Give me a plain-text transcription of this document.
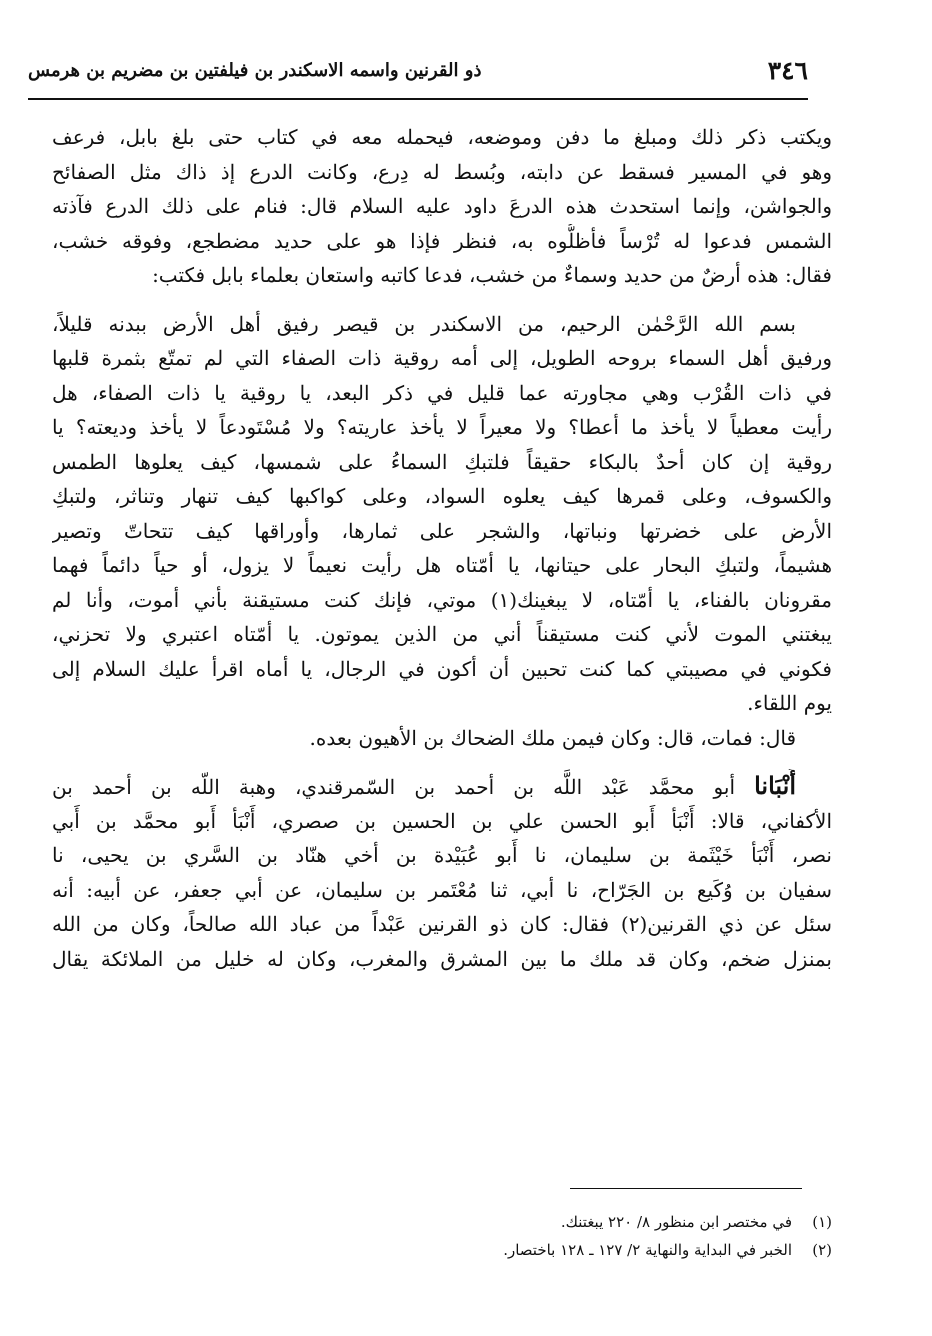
٣٤٦
ذو القرنين واسمه الاسكندر بن فيلفتين بن مضريم بن هرمس
ويكتب ذكر ذلك ومبلغ ما دفن وموضعه، فيحمله معه في كتاب حتى بلغ بابل، فرعف
وهو في المسير فسقط عن دابته، وبُسط له دِرع، وكانت الدرع إذ ذاك مثل الصفائح
والجواشن، وإنما استحدث هذه الدرعَ داود عليه السلام قال: فنام على ذلك الدرع فآذته
الشمس فدعوا له تُرْساً فأظلُّوه به، فنظر فإذا هو على حديد مضطجع، وفوقه خشب،
فقال: هذه أرضٌ من حديد وسماءٌ من خشب، فدعا كاتبه واستعان بعلماء بابل فكتب:
بسم الله الرَّحْمٰن الرحيم، من الاسكندر بن قيصر رفيق أهل الأرض ببدنه قليلاً،
ورفيق أهل السماء بروحه الطويل، إلى أمه روقية ذات الصفاء التي لم تمتّع بثمرة قلبها
في ذات القُرْب وهي مجاورته عما قليل في ذكر البعد، يا روقية يا ذات الصفاء، هل
رأيت معطياً لا يأخذ ما أعطا؟ ولا معيراً لا يأخذ عاريته؟ ولا مُسْتَودعاً لا يأخذ وديعته؟ يا
روقية إن كان أحدٌ بالبكاء حقيقاً فلتبكِ السماءُ على شمسها، كيف يعلوها الطمس
والكسوف، وعلى قمرها كيف يعلوه السواد، وعلى كواكبها كيف تنهار وتناثر، ولتبكِ
الأرض على خضرتها ونباتها، والشجر على ثمارها، وأوراقها كيف تتحاتّ وتصير
هشيماً، ولتبكِ البحار على حيتانها، يا أمّتاه هل رأيت نعيماً لا يزول، أو حياً دائماً فهما
مقرونان بالفناء، يا أمّتاه، لا يبغينك(١) موتي، فإنك كنت مستيقنة بأني أموت، وأنا لم
يبغتني الموت لأني كنت مستيقناً أني من الذين يموتون. يا أمّتاه اعتبري ولا تحزني،
فكوني في مصيبتي كما كنت تحبين أن أكون في الرجال، يا أماه اقرأ عليك السلام إلى
يوم اللقاء.
قال: فمات، قال: وكان فيمن ملك الضحاك بن الأهيون بعده.
أَنْبَانا أبو محمَّد عَبْد اللَّه بن أحمد بن السّمرقندي، وهبة اللّه بن أحمد بن
الأكفاني، قالا: أَنْبَأ أَبو الحسن علي بن الحسين بن صصري، أَنْبَأ أَبو محمَّد بن أَبي
نصر، أَنْبَأ خَيْثَمة بن سليمان، نا أَبو عُبَيْدة بن أخي هنّاد بن السَّري بن يحيى، نا
سفيان بن وُكَيع بن الجَرّاح، نا أبي، ثنا مُعْتَمر بن سليمان، عن أبي جعفر، عن أبيه: أنه
سئل عن ذي القرنين(٢) فقال: كان ذو القرنين عَبْداً من عباد الله صالحاً، وكان من الله
بمنزل ضخم، وكان قد ملك ما بين المشرق والمغرب، وكان له خليل من الملائكة يقال
(١)في مختصر ابن منظور ٨/ ٢٢٠ يبغتنك.
(٢)الخبر في البداية والنهاية ٢/ ١٢٧ ـ ١٢٨ باختصار.
